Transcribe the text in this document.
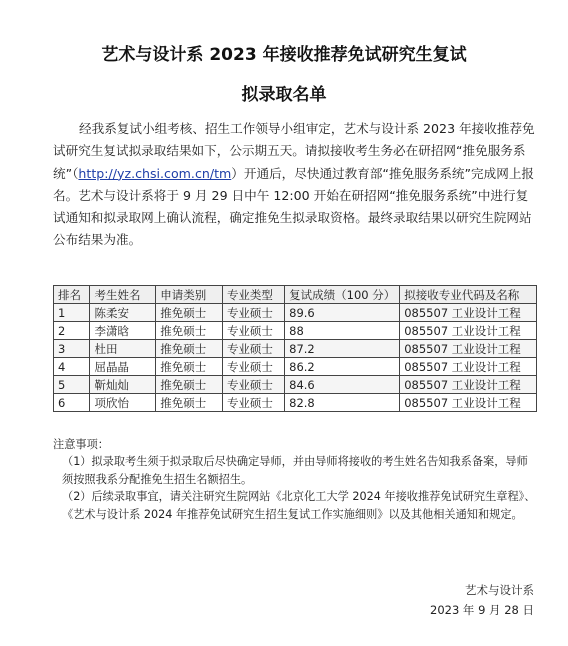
艺术与设计系 2023 年接收推荐免试研究生复试
拟录取名单
经我系复试小组考核、招生工作领导小组审定，艺术与设计系 2023 年接收推荐免试研究生复试拟录取结果如下，公示期五天。请拟接收考生务必在研招网“推免服务系统”（http://yz.chsi.com.cn/tm）开通后，尽快通过教育部“推免服务系统”完成网上报名。艺术与设计系将于 9 月 29 日中午 12:00 开始在研招网“推免服务系统”中进行复试通知和拟录取网上确认流程，确定推免生拟录取资格。最终录取结果以研究生院网站公布结果为准。
排名	考生姓名	申请类别	专业类型	复试成绩（100 分）	拟接收专业代码及名称
1	陈柔安	推免硕士	专业硕士	89.6	085507 工业设计工程
2	李潇晗	推免硕士	专业硕士	88	085507 工业设计工程
3	杜田	推免硕士	专业硕士	87.2	085507 工业设计工程
4	屈晶晶	推免硕士	专业硕士	86.2	085507 工业设计工程
5	靳灿灿	推免硕士	专业硕士	84.6	085507 工业设计工程
6	项欣怡	推免硕士	专业硕士	82.8	085507 工业设计工程

注意事项：

（1）拟录取考生须于拟录取后尽快确定导师，并由导师将接收的考生姓名告知我系备案，导师须按照我系分配推免生招生名额招生。

（2）后续录取事宜，请关注研究生院网站《北京化工大学 2024 年接收推荐免试研究生章程》、《艺术与设计系 2024 年推荐免试研究生招生复试工作实施细则》以及其他相关通知和规定。

艺术与设计系
2023 年 9 月 28 日
